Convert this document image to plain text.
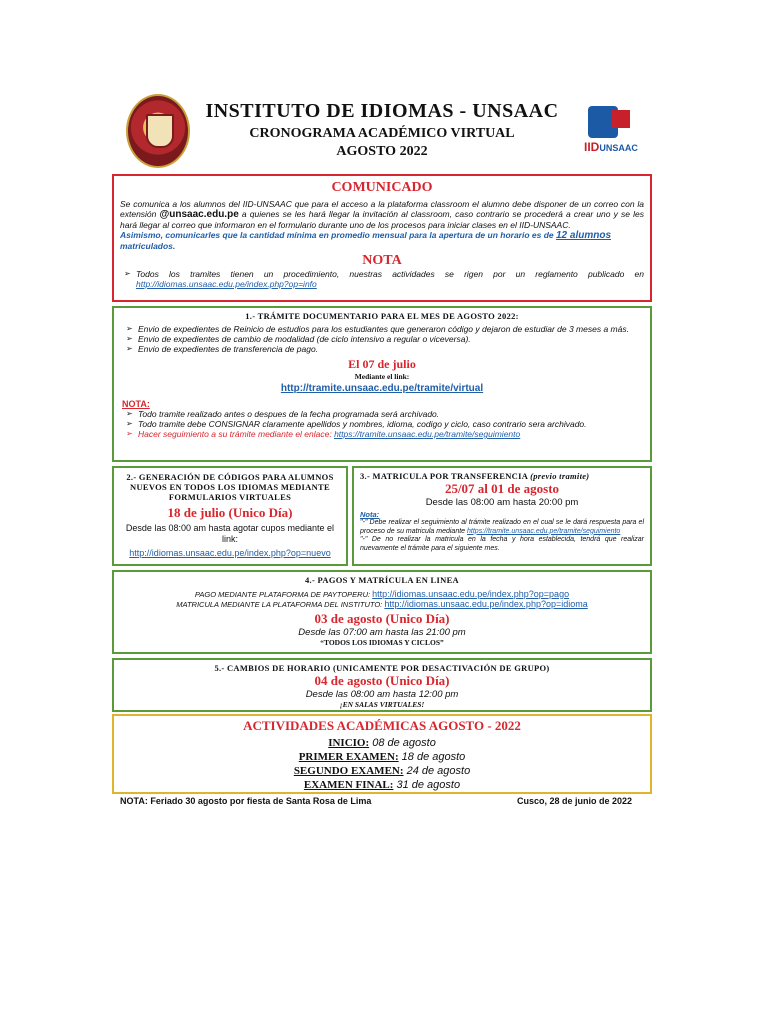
INSTITUTO DE IDIOMAS - UNSAAC
CRONOGRAMA ACADÉMICO VIRTUAL
AGOSTO 2022	IIDUNSAAC
COMUNICADO
Se comunica a los alumnos del IID-UNSAAC que para el acceso a la plataforma classroom el alumno debe disponer de un correo con la extensión @unsaac.edu.pe a quienes se les hará llegar la invitación al classroom, caso contrario se procederá a crear uno y se les hará llegar al correo que informaron en el formulario durante uno de los procesos para iniciar clases en el IID-UNSAAC.
Asimismo, comunicarles que la cantidad mínima en promedio mensual para la apertura de un horario es de 12 alumnos matriculados.
NOTA
➢ Todos los tramites tienen un procedimiento, nuestras actividades se rigen por un reglamento publicado en http://idiomas.unsaac.edu.pe/index.php?op=info
1.- TRÁMITE DOCUMENTARIO PARA EL MES DE AGOSTO 2022:
➢ Envio de expedientes de Reinicio de estudios para los estudiantes que generaron código y dejaron de estudiar de 3 meses a más.
➢ Envio de expedientes de cambio de modalidad (de ciclo intensivo a regular o viceversa).
➢ Envio de expedientes de transferencia de pago.
El 07 de julio
Mediante el link:
http://tramite.unsaac.edu.pe/tramite/virtual
NOTA:
➢ Todo tramite realizado antes o despues de la fecha programada será archivado.
➢ Todo tramite debe CONSIGNAR claramente apellidos y nombres, idioma, codigo y ciclo, caso contrario sera archivado.
➢ Hacer seguimiento a su trámite mediante el enlace: https://tramite.unsaac.edu.pe/tramite/seguimiento
2.- GENERACIÓN DE CÓDIGOS PARA ALUMNOS NUEVOS EN TODOS LOS IDIOMAS MEDIANTE FORMULARIOS VIRTUALES
18 de julio (Unico Día)
Desde las 08:00 am hasta agotar cupos mediante el link:
http://idiomas.unsaac.edu.pe/index.php?op=nuevo
3.- MATRICULA POR TRANSFERENCIA (previo tramite)
25/07 al 01 de agosto
Desde las 08:00 am hasta 20:00 pm
Nota:
"-" Debe realizar el seguimiento al trámite realizado en el cual se le dará respuesta para el proceso de su matricula mediante https://tramite.unsaac.edu.pe/tramite/seguimiento
"-" De no realizar la matricula en la fecha y hora establecida, tendrá que realizar nuevamente el trámite para el siguiente mes.
4.- PAGOS Y MATRÍCULA EN LINEA
PAGO MEDIANTE PLATAFORMA DE PAYTOPERU: http://idiomas.unsaac.edu.pe/index.php?op=pago
MATRICULA MEDIANTE LA PLATAFORMA DEL INSTITUTO: http://idiomas.unsaac.edu.pe/index.php?op=idioma
03 de agosto (Unico Día)
Desde las 07:00 am hasta las 21:00 pm
“TODOS LOS IDIOMAS Y CICLOS”
5.- CAMBIOS DE HORARIO (UNICAMENTE POR DESACTIVACIÓN DE GRUPO)
04 de agosto (Unico Día)
Desde las 08:00 am hasta 12:00 pm
¡EN SALAS VIRTUALES!
ACTIVIDADES ACADÉMICAS AGOSTO - 2022
INICIO: 08 de agosto
PRIMER EXAMEN: 18 de agosto
SEGUNDO EXAMEN: 24 de agosto
EXAMEN FINAL: 31 de agosto
NOTA: Feriado 30 agosto por fiesta de Santa Rosa de Lima	Cusco, 28 de junio de 2022
